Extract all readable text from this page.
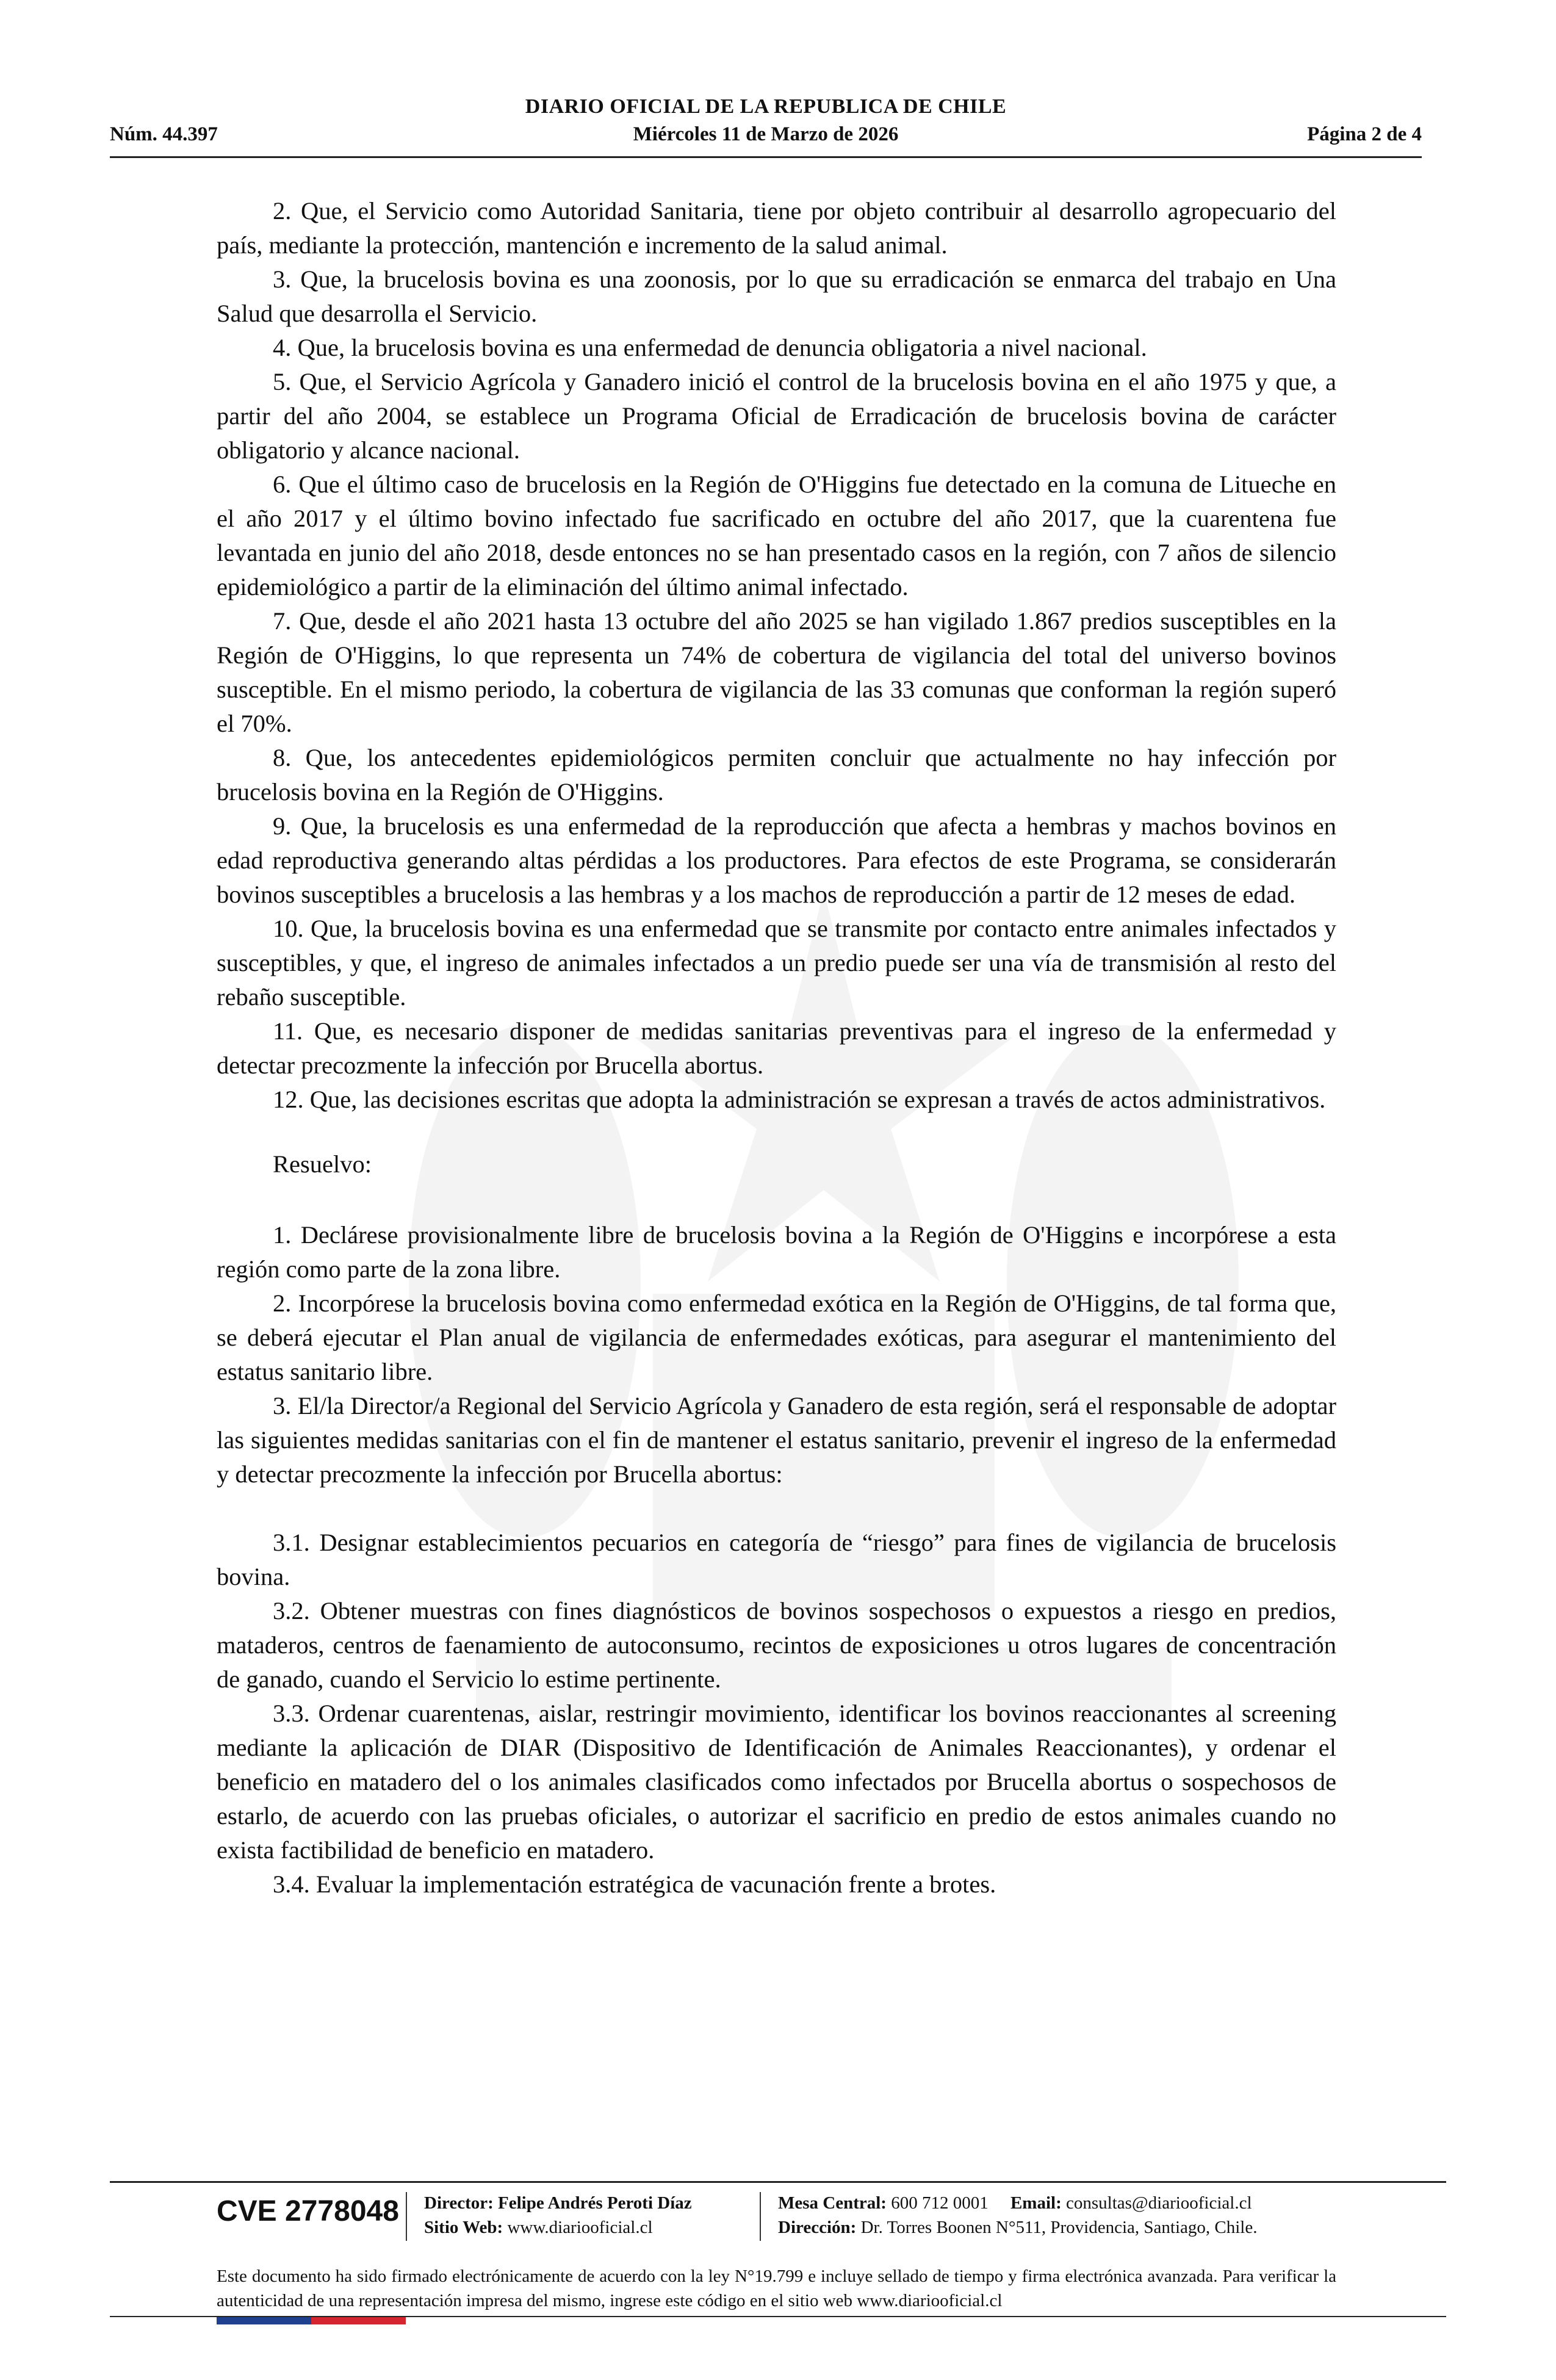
DIARIO OFICIAL DE LA REPUBLICA DE CHILE
Núm. 44.397	Miércoles 11 de Marzo de 2026	Página 2 de 4

2. Que, el Servicio como Autoridad Sanitaria, tiene por objeto contribuir al desarrollo agropecuario del país, mediante la protección, mantención e incremento de la salud animal.

3. Que, la brucelosis bovina es una zoonosis, por lo que su erradicación se enmarca del trabajo en Una Salud que desarrolla el Servicio.

4. Que, la brucelosis bovina es una enfermedad de denuncia obligatoria a nivel nacional.

5. Que, el Servicio Agrícola y Ganadero inició el control de la brucelosis bovina en el año 1975 y que, a partir del año 2004, se establece un Programa Oficial de Erradicación de brucelosis bovina de carácter obligatorio y alcance nacional.

6. Que el último caso de brucelosis en la Región de O'Higgins fue detectado en la comuna de Litueche en el año 2017 y el último bovino infectado fue sacrificado en octubre del año 2017, que la cuarentena fue levantada en junio del año 2018, desde entonces no se han presentado casos en la región, con 7 años de silencio epidemiológico a partir de la eliminación del último animal infectado.

7. Que, desde el año 2021 hasta 13 octubre del año 2025 se han vigilado 1.867 predios susceptibles en la Región de O'Higgins, lo que representa un 74% de cobertura de vigilancia del total del universo bovinos susceptible. En el mismo periodo, la cobertura de vigilancia de las 33 comunas que conforman la región superó el 70%.

8. Que, los antecedentes epidemiológicos permiten concluir que actualmente no hay infección por brucelosis bovina en la Región de O'Higgins.

9. Que, la brucelosis es una enfermedad de la reproducción que afecta a hembras y machos bovinos en edad reproductiva generando altas pérdidas a los productores. Para efectos de este Programa, se considerarán bovinos susceptibles a brucelosis a las hembras y a los machos de reproducción a partir de 12 meses de edad.

10. Que, la brucelosis bovina es una enfermedad que se transmite por contacto entre animales infectados y susceptibles, y que, el ingreso de animales infectados a un predio puede ser una vía de transmisión al resto del rebaño susceptible.

11. Que, es necesario disponer de medidas sanitarias preventivas para el ingreso de la enfermedad y detectar precozmente la infección por Brucella abortus.

12. Que, las decisiones escritas que adopta la administración se expresan a través de actos administrativos.

Resuelvo:

1. Declárese provisionalmente libre de brucelosis bovina a la Región de O'Higgins e incorpórese a esta región como parte de la zona libre.

2. Incorpórese la brucelosis bovina como enfermedad exótica en la Región de O'Higgins, de tal forma que, se deberá ejecutar el Plan anual de vigilancia de enfermedades exóticas, para asegurar el mantenimiento del estatus sanitario libre.

3. El/la Director/a Regional del Servicio Agrícola y Ganadero de esta región, será el responsable de adoptar las siguientes medidas sanitarias con el fin de mantener el estatus sanitario, prevenir el ingreso de la enfermedad y detectar precozmente la infección por Brucella abortus:

3.1. Designar establecimientos pecuarios en categoría de “riesgo” para fines de vigilancia de brucelosis bovina.

3.2. Obtener muestras con fines diagnósticos de bovinos sospechosos o expuestos a riesgo en predios, mataderos, centros de faenamiento de autoconsumo, recintos de exposiciones u otros lugares de concentración de ganado, cuando el Servicio lo estime pertinente.

3.3. Ordenar cuarentenas, aislar, restringir movimiento, identificar los bovinos reaccionantes al screening mediante la aplicación de DIAR (Dispositivo de Identificación de Animales Reaccionantes), y ordenar el beneficio en matadero del o los animales clasificados como infectados por Brucella abortus o sospechosos de estarlo, de acuerdo con las pruebas oficiales, o autorizar el sacrificio en predio de estos animales cuando no exista factibilidad de beneficio en matadero.

3.4. Evaluar la implementación estratégica de vacunación frente a brotes.

CVE 2778048 Director: Felipe Andrés Peroti Díaz
Sitio Web: www.diariooficial.cl
Mesa Central: 600 712 0001 Email: consultas@diariooficial.cl
Dirección: Dr. Torres Boonen N°511, Providencia, Santiago, Chile.
Este documento ha sido firmado electrónicamente de acuerdo con la ley N°19.799 e incluye sellado de tiempo y firma electrónica avanzada. Para verificar la autenticidad de una representación impresa del mismo, ingrese este código en el sitio web www.diariooficial.cl
